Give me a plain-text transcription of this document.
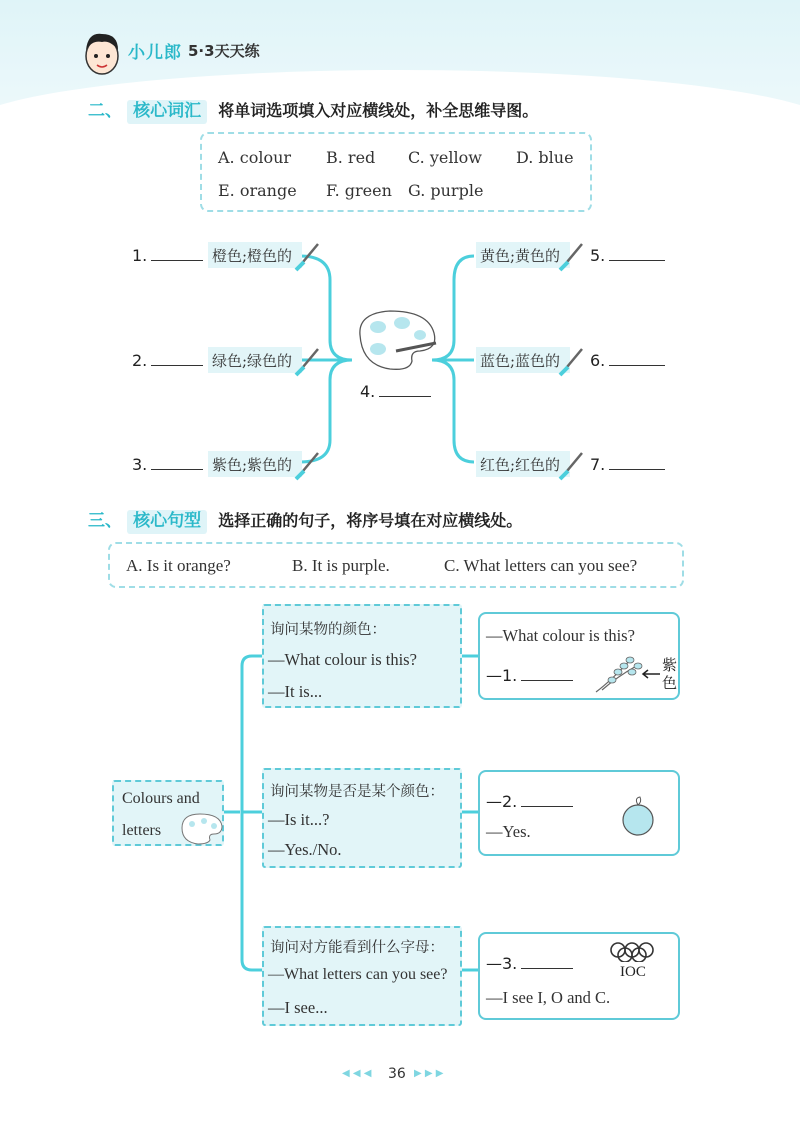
小儿郎 5·3天天练
二、 核心词汇 将单词选项填入对应横线处，补全思维导图。
A. colour B. red C. yellow D. blue
E. orange F. green G. purple
1.	橙色;橙色的
2.	绿色;绿色的
3.	紫色;紫色的
4.
黄色;黄色的 5.
蓝色;蓝色的 6.
红色;红色的 7.
三、 核心句型 选择正确的句子，将序号填在对应横线处。
A. Is it orange?	B. It is purple.	C. What letters can you see?
Colours and
letters
询问某物的颜色：
—What colour is this?
—It is...
—What colour is this?
—1.
紫色
询问某物是否是某个颜色：
—Is it...?
—Yes./No.
—2.
—Yes.
询问对方能看到什么字母：
—What letters can you see?
—I see...
—3.
—I see I, O and C.
IOC
◀ ◀ ◀ 36 ▶ ▶ ▶
